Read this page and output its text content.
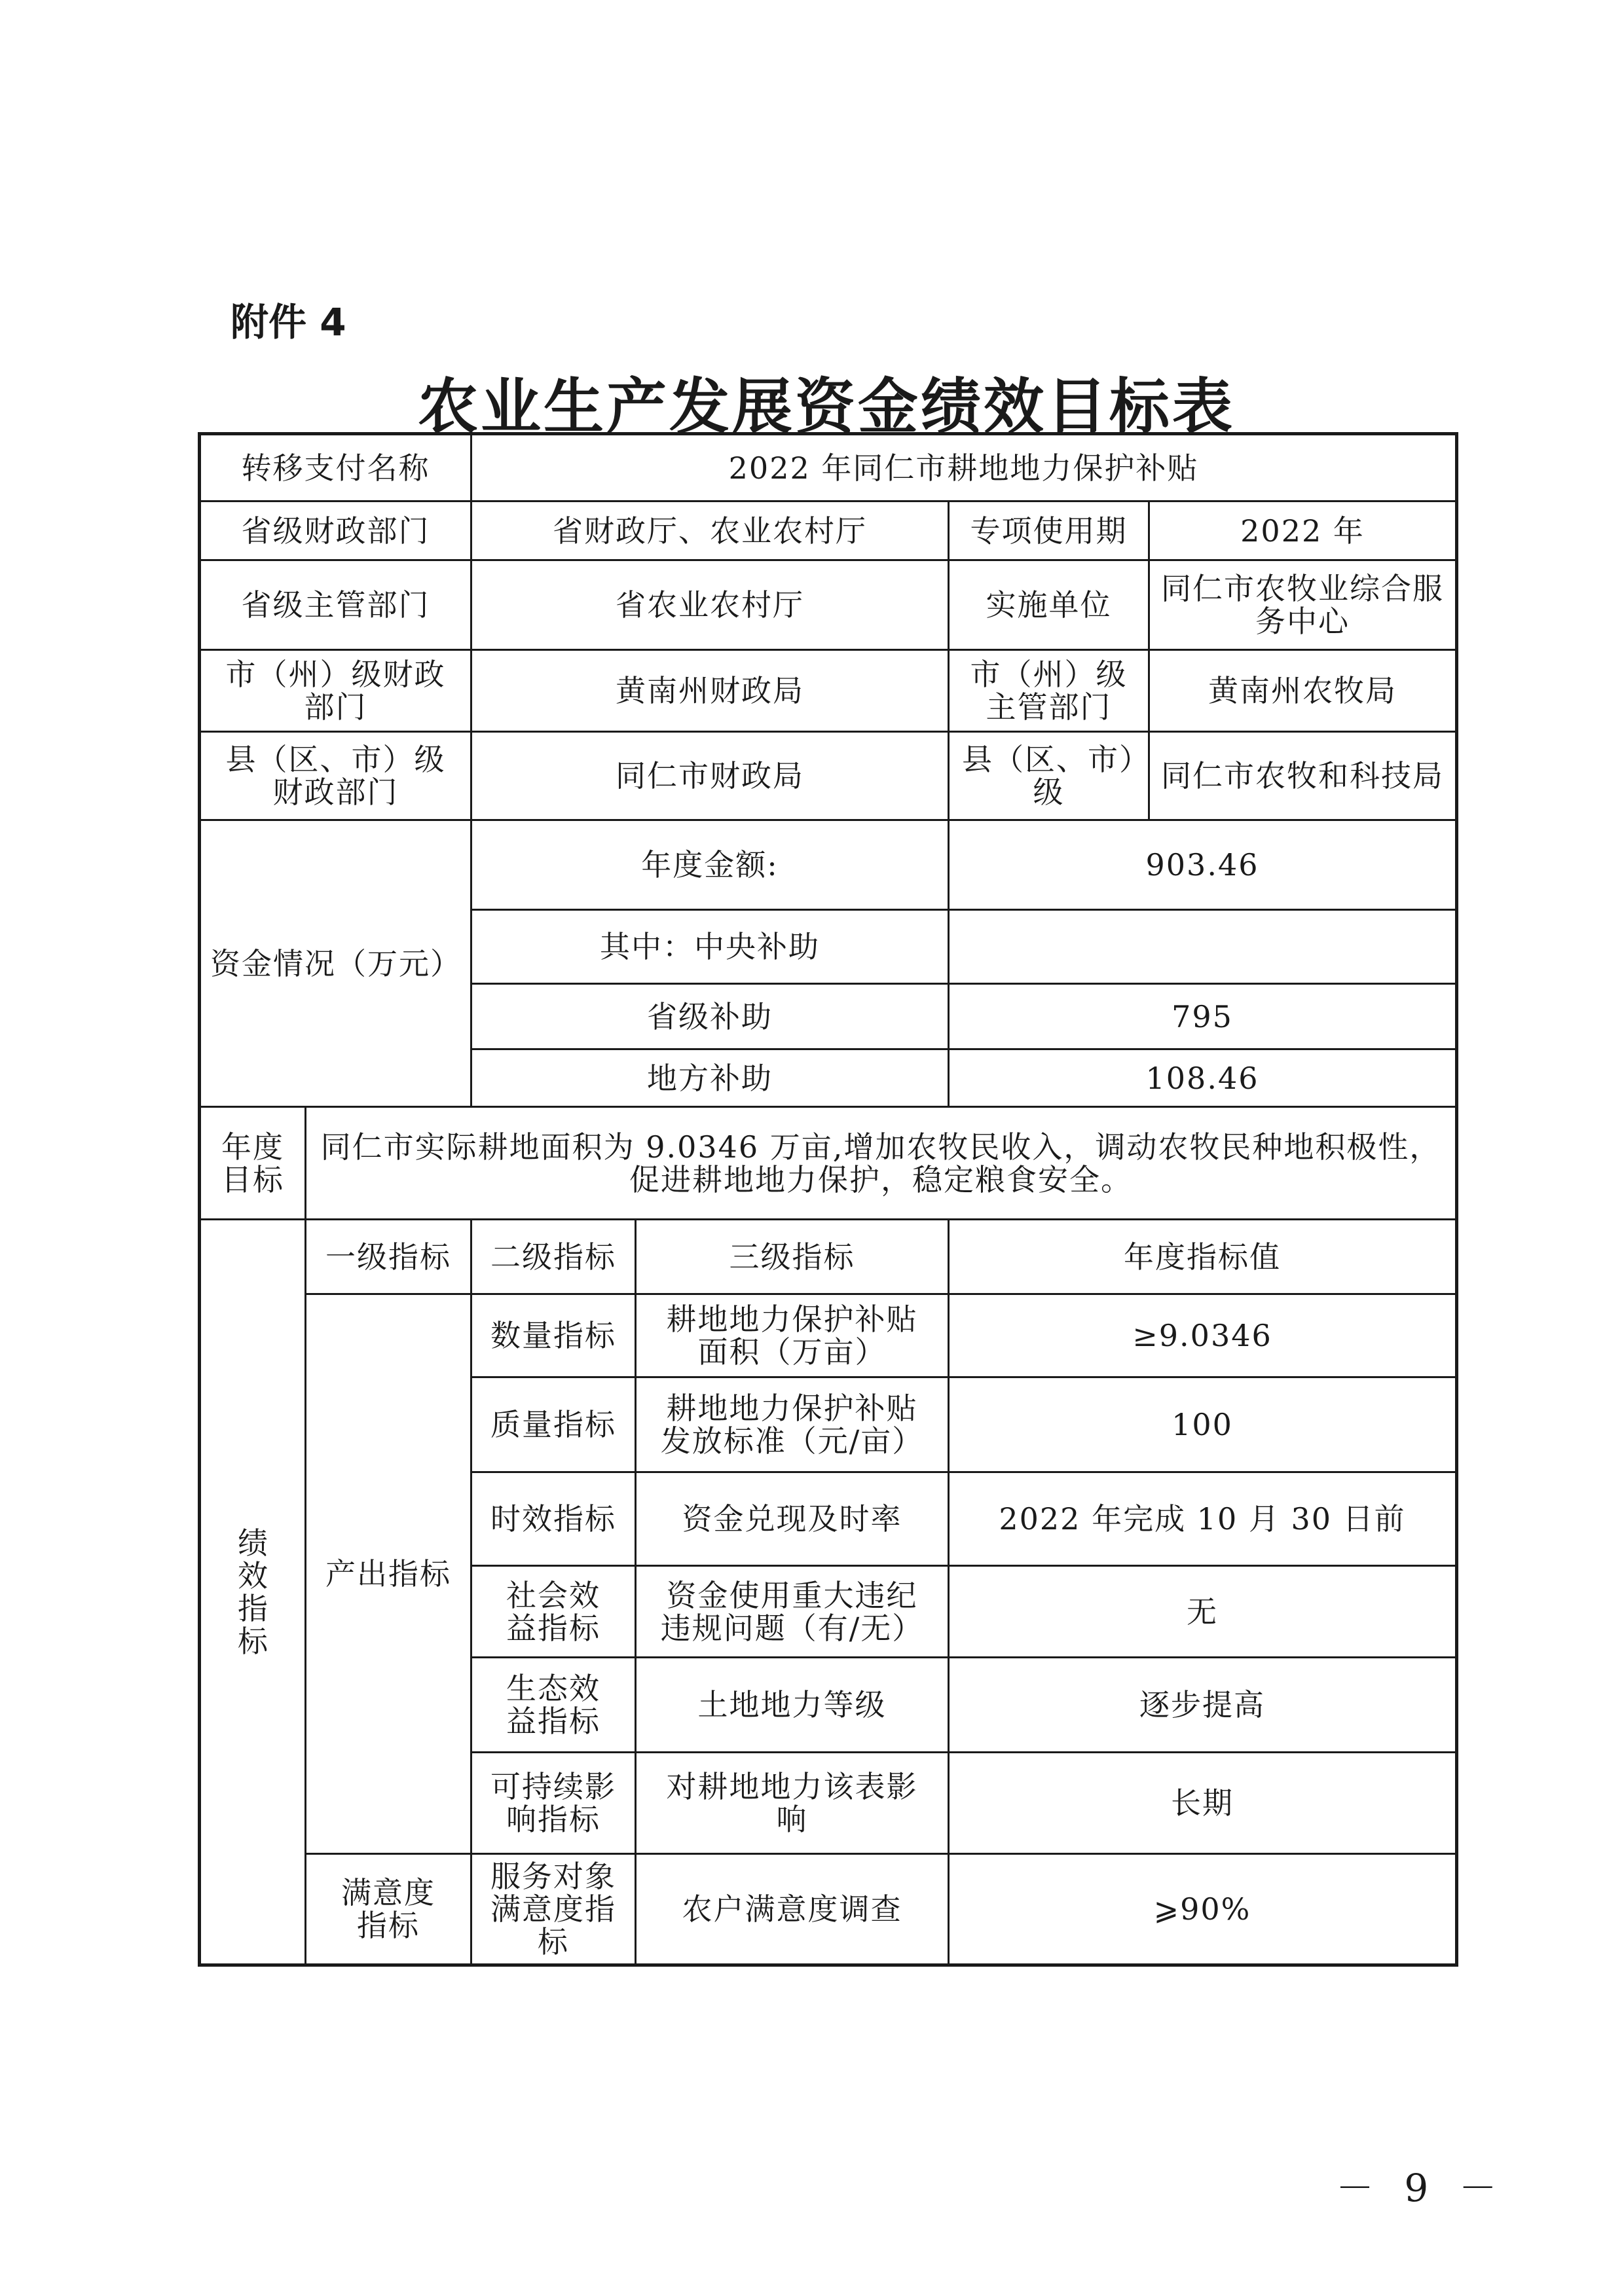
附件 4
农业生产发展资金绩效目标表
转移支付名称		2022 年同仁市耕地地力保护补贴			
省级财政部门		省财政厅、农业农村厅		专项使用期	2022 年
省级主管部门		省农业农村厅		实施单位	同仁市农牧业综合服务中心
市（州）级财政部门		黄南州财政局		市（州）级主管部门	黄南州农牧局
县（区、市）级财政部门		同仁市财政局		县（区、市）级	同仁市农牧和科技局
资金情况（万元）		年度金额:		903.46	
		其中：中央补助			
		省级补助		795	
		地方补助		108.46	
年度目标	同仁市实际耕地面积为 9.0346 万亩,增加农牧民收入，调动农牧民种地积极性，促进耕地地力保护，稳定粮食安全。				
绩效指标	一级指标	二级指标	三级指标	年度指标值	
	产出指标	数量指标	耕地地力保护补贴面积（万亩）	≥9.0346	
		质量指标	耕地地力保护补贴发放标准（元/亩）	100	
		时效指标	资金兑现及时率	2022 年完成 10 月 30 日前	
		社会效益指标	资金使用重大违纪违规问题（有/无）	无	
		生态效益指标	土地地力等级	逐步提高	
		可持续影响指标	对耕地地力该表影响	长期	
	满意度指标	服务对象满意度指标	农户满意度调查	⩾90%	
－ 9 －
